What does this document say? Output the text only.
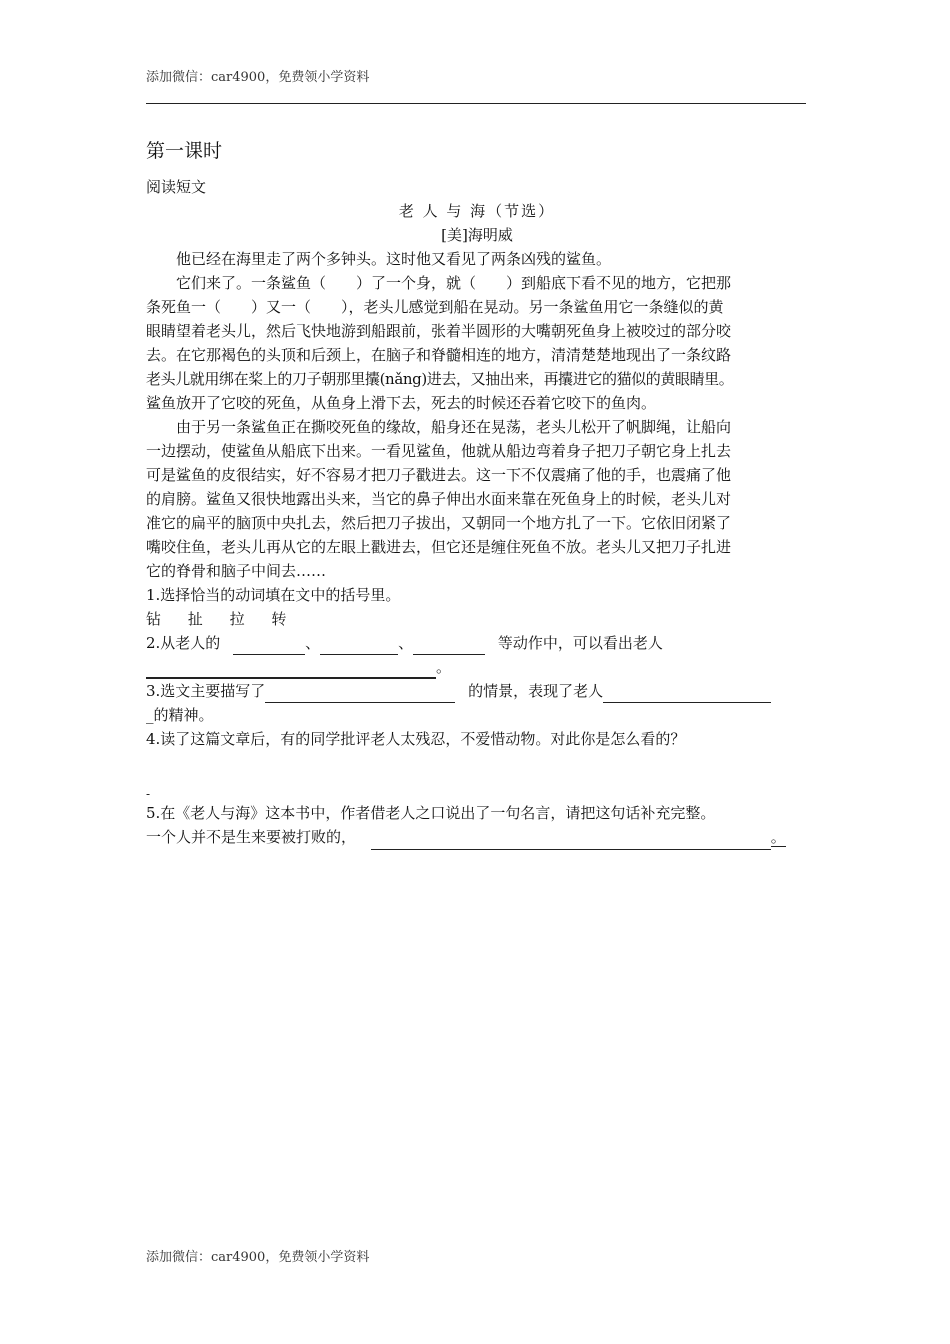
添加微信：car4900，免费领小学资料

第一课时

阅读短文

老 人 与 海（节选）

[美]海明威

他已经在海里走了两个多钟头。这时他又看见了两条凶残的鲨鱼。

它们来了。一条鲨鱼（　　）了一个身，就（　　）到船底下看不见的地方，它把那

条死鱼一（　　）又一（　　），老头儿感觉到船在晃动。另一条鲨鱼用它一条缝似的黄

眼睛望着老头儿，然后飞快地游到船跟前，张着半圆形的大嘴朝死鱼身上被咬过的部分咬

去。在它那褐色的头顶和后颈上，在脑子和脊髓相连的地方，清清楚楚地现出了一条纹路

老头儿就用绑在桨上的刀子朝那里攮(nǎng)进去，又抽出来，再攮进它的猫似的黄眼睛里。

鲨鱼放开了它咬的死鱼，从鱼身上滑下去，死去的时候还吞着它咬下的鱼肉。

由于另一条鲨鱼正在撕咬死鱼的缘故，船身还在晃荡，老头儿松开了帆脚绳，让船向

一边摆动，使鲨鱼从船底下出来。一看见鲨鱼，他就从船边弯着身子把刀子朝它身上扎去

可是鲨鱼的皮很结实，好不容易才把刀子戳进去。这一下不仅震痛了他的手，也震痛了他

的肩膀。鲨鱼又很快地露出头来，当它的鼻子伸出水面来靠在死鱼身上的时候，老头儿对

准它的扁平的脑顶中央扎去，然后把刀子拔出，又朝同一个地方扎了一下。它依旧闭紧了

嘴咬住鱼，老头儿再从它的左眼上戳进去，但它还是缠住死鱼不放。老头儿又把刀子扎进

它的脊骨和脑子中间去……

1.选择恰当的动词填在文中的括号里。

钻 扯 拉 转

2.从老人的	、	、	等动作中，可以看出老人

。

3.选文主要描写了	的情景，表现了老人

_的精神。

4.读了这篇文章后，有的同学批评老人太残忍，不爱惜动物。对此你是怎么看的？

-

5.在《老人与海》这本书中，作者借老人之口说出了一句名言，请把这句话补充完整。

一个人并不是生来要被打败的，	。

添加微信：car4900，免费领小学资料
